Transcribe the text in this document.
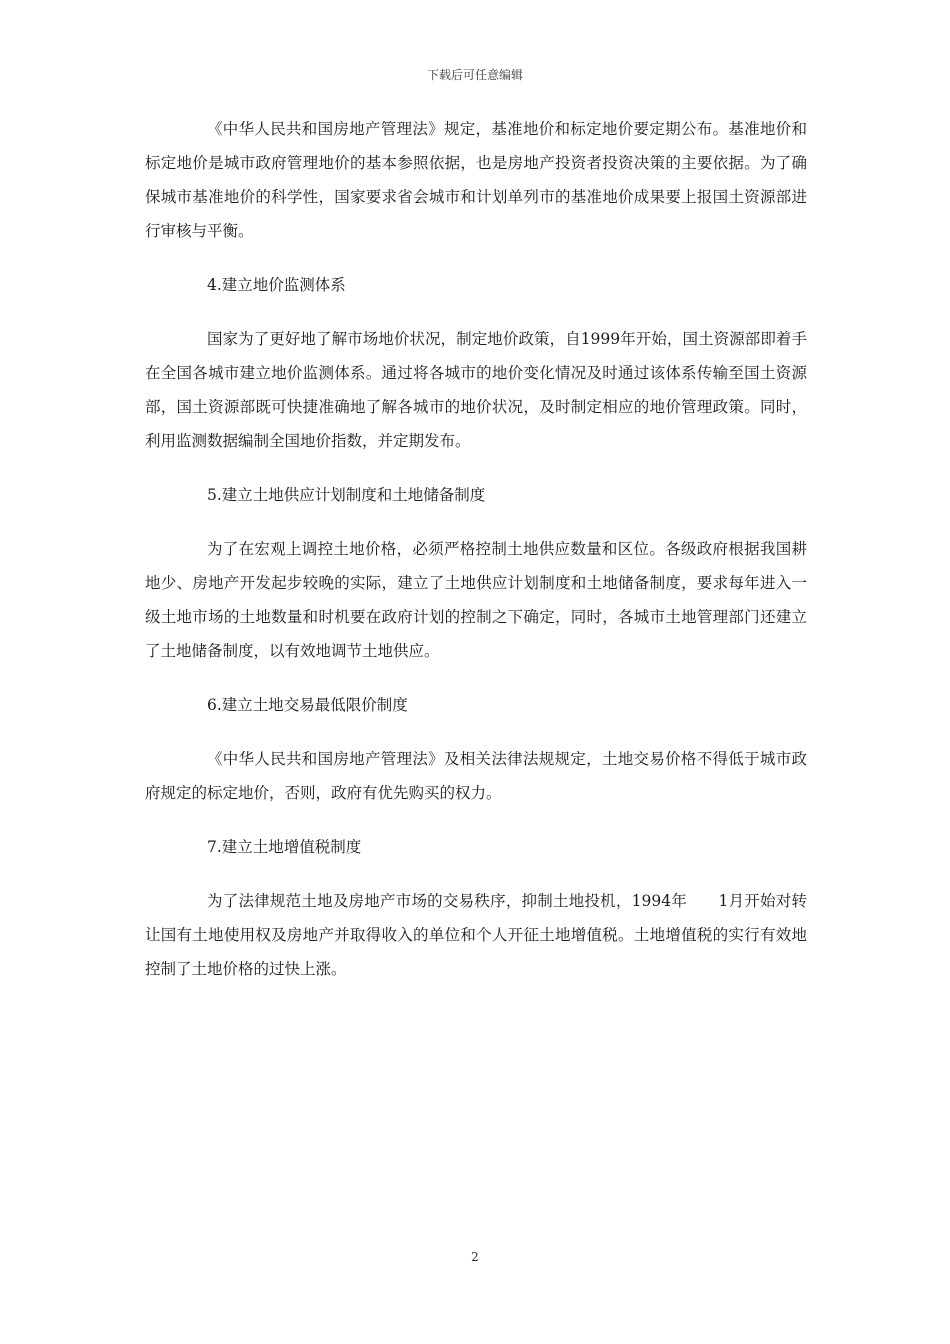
下载后可任意编辑

《中华人民共和国房地产管理法》规定，基准地价和标定地价要定期公布。基准地价和标定地价是城市政府管理地价的基本参照依据，也是房地产投资者投资决策的主要依据。为了确保城市基准地价的科学性，国家要求省会城市和计划单列市的基准地价成果要上报国土资源部进行审核与平衡。

4.建立地价监测体系

国家为了更好地了解市场地价状况，制定地价政策，自1999年开始，国土资源部即着手在全国各城市建立地价监测体系。通过将各城市的地价变化情况及时通过该体系传输至国土资源部，国土资源部既可快捷准确地了解各城市的地价状况，及时制定相应的地价管理政策。同时，利用监测数据编制全国地价指数，并定期发布。

5.建立土地供应计划制度和土地储备制度

为了在宏观上调控土地价格，必须严格控制土地供应数量和区位。各级政府根据我国耕地少、房地产开发起步较晚的实际，建立了土地供应计划制度和土地储备制度，要求每年进入一级土地市场的土地数量和时机要在政府计划的控制之下确定，同时，各城市土地管理部门还建立了土地储备制度，以有效地调节土地供应。

6.建立土地交易最低限价制度

《中华人民共和国房地产管理法》及相关法律法规规定，土地交易价格不得低于城市政府规定的标定地价，否则，政府有优先购买的权力。

7.建立土地增值税制度

为了法律规范土地及房地产市场的交易秩序，抑制土地投机，1994年　　1月开始对转让国有土地使用权及房地产并取得收入的单位和个人开征土地增值税。土地增值税的实行有效地控制了土地价格的过快上涨。

2
